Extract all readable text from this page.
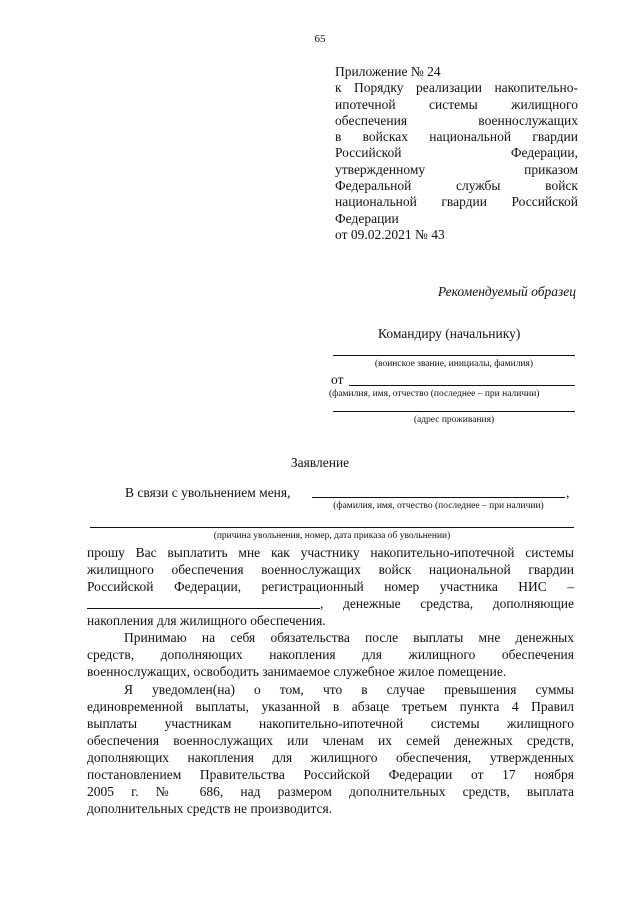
65
Приложение № 24
к Порядку реализации накопительно-
ипотечной системы жилищного
обеспечения военнослужащих
в войсках национальной гвардии
Российской Федерации,
утвержденному приказом
Федеральной службы войск
национальной гвардии Российской
Федерации
от 09.02.2021 № 43
Рекомендуемый образец
Командиру (начальнику)
(воинское звание, инициалы, фамилия)
от
(фамилия, имя, отчество (последнее – при наличии)
(адрес проживания)
Заявление
В связи с увольнением меня,	,
(фамилия, имя, отчество (последнее – при наличии)
(причина увольнения, номер, дата приказа об увольнении)
прошу Вас выплатить мне как участнику накопительно-ипотечной системы
жилищного обеспечения военнослужащих войск национальной гвардии
Российской Федерации, регистрационный номер участника НИС –
, денежные средства, дополняющие
накопления для жилищного обеспечения.
Принимаю на себя обязательства после выплаты мне денежных
средств, дополняющих накопления для жилищного обеспечения
военнослужащих, освободить занимаемое служебное жилое помещение.
Я уведомлен(на) о том, что в случае превышения суммы
единовременной выплаты, указанной в абзаце третьем пункта 4 Правил
выплаты участникам накопительно-ипотечной системы жилищного
обеспечения военнослужащих или членам их семей денежных средств,
дополняющих накопления для жилищного обеспечения, утвержденных
постановлением Правительства Российской Федерации от 17 ноября
2005 г. № 686, над размером дополнительных средств, выплата
дополнительных средств не производится.
